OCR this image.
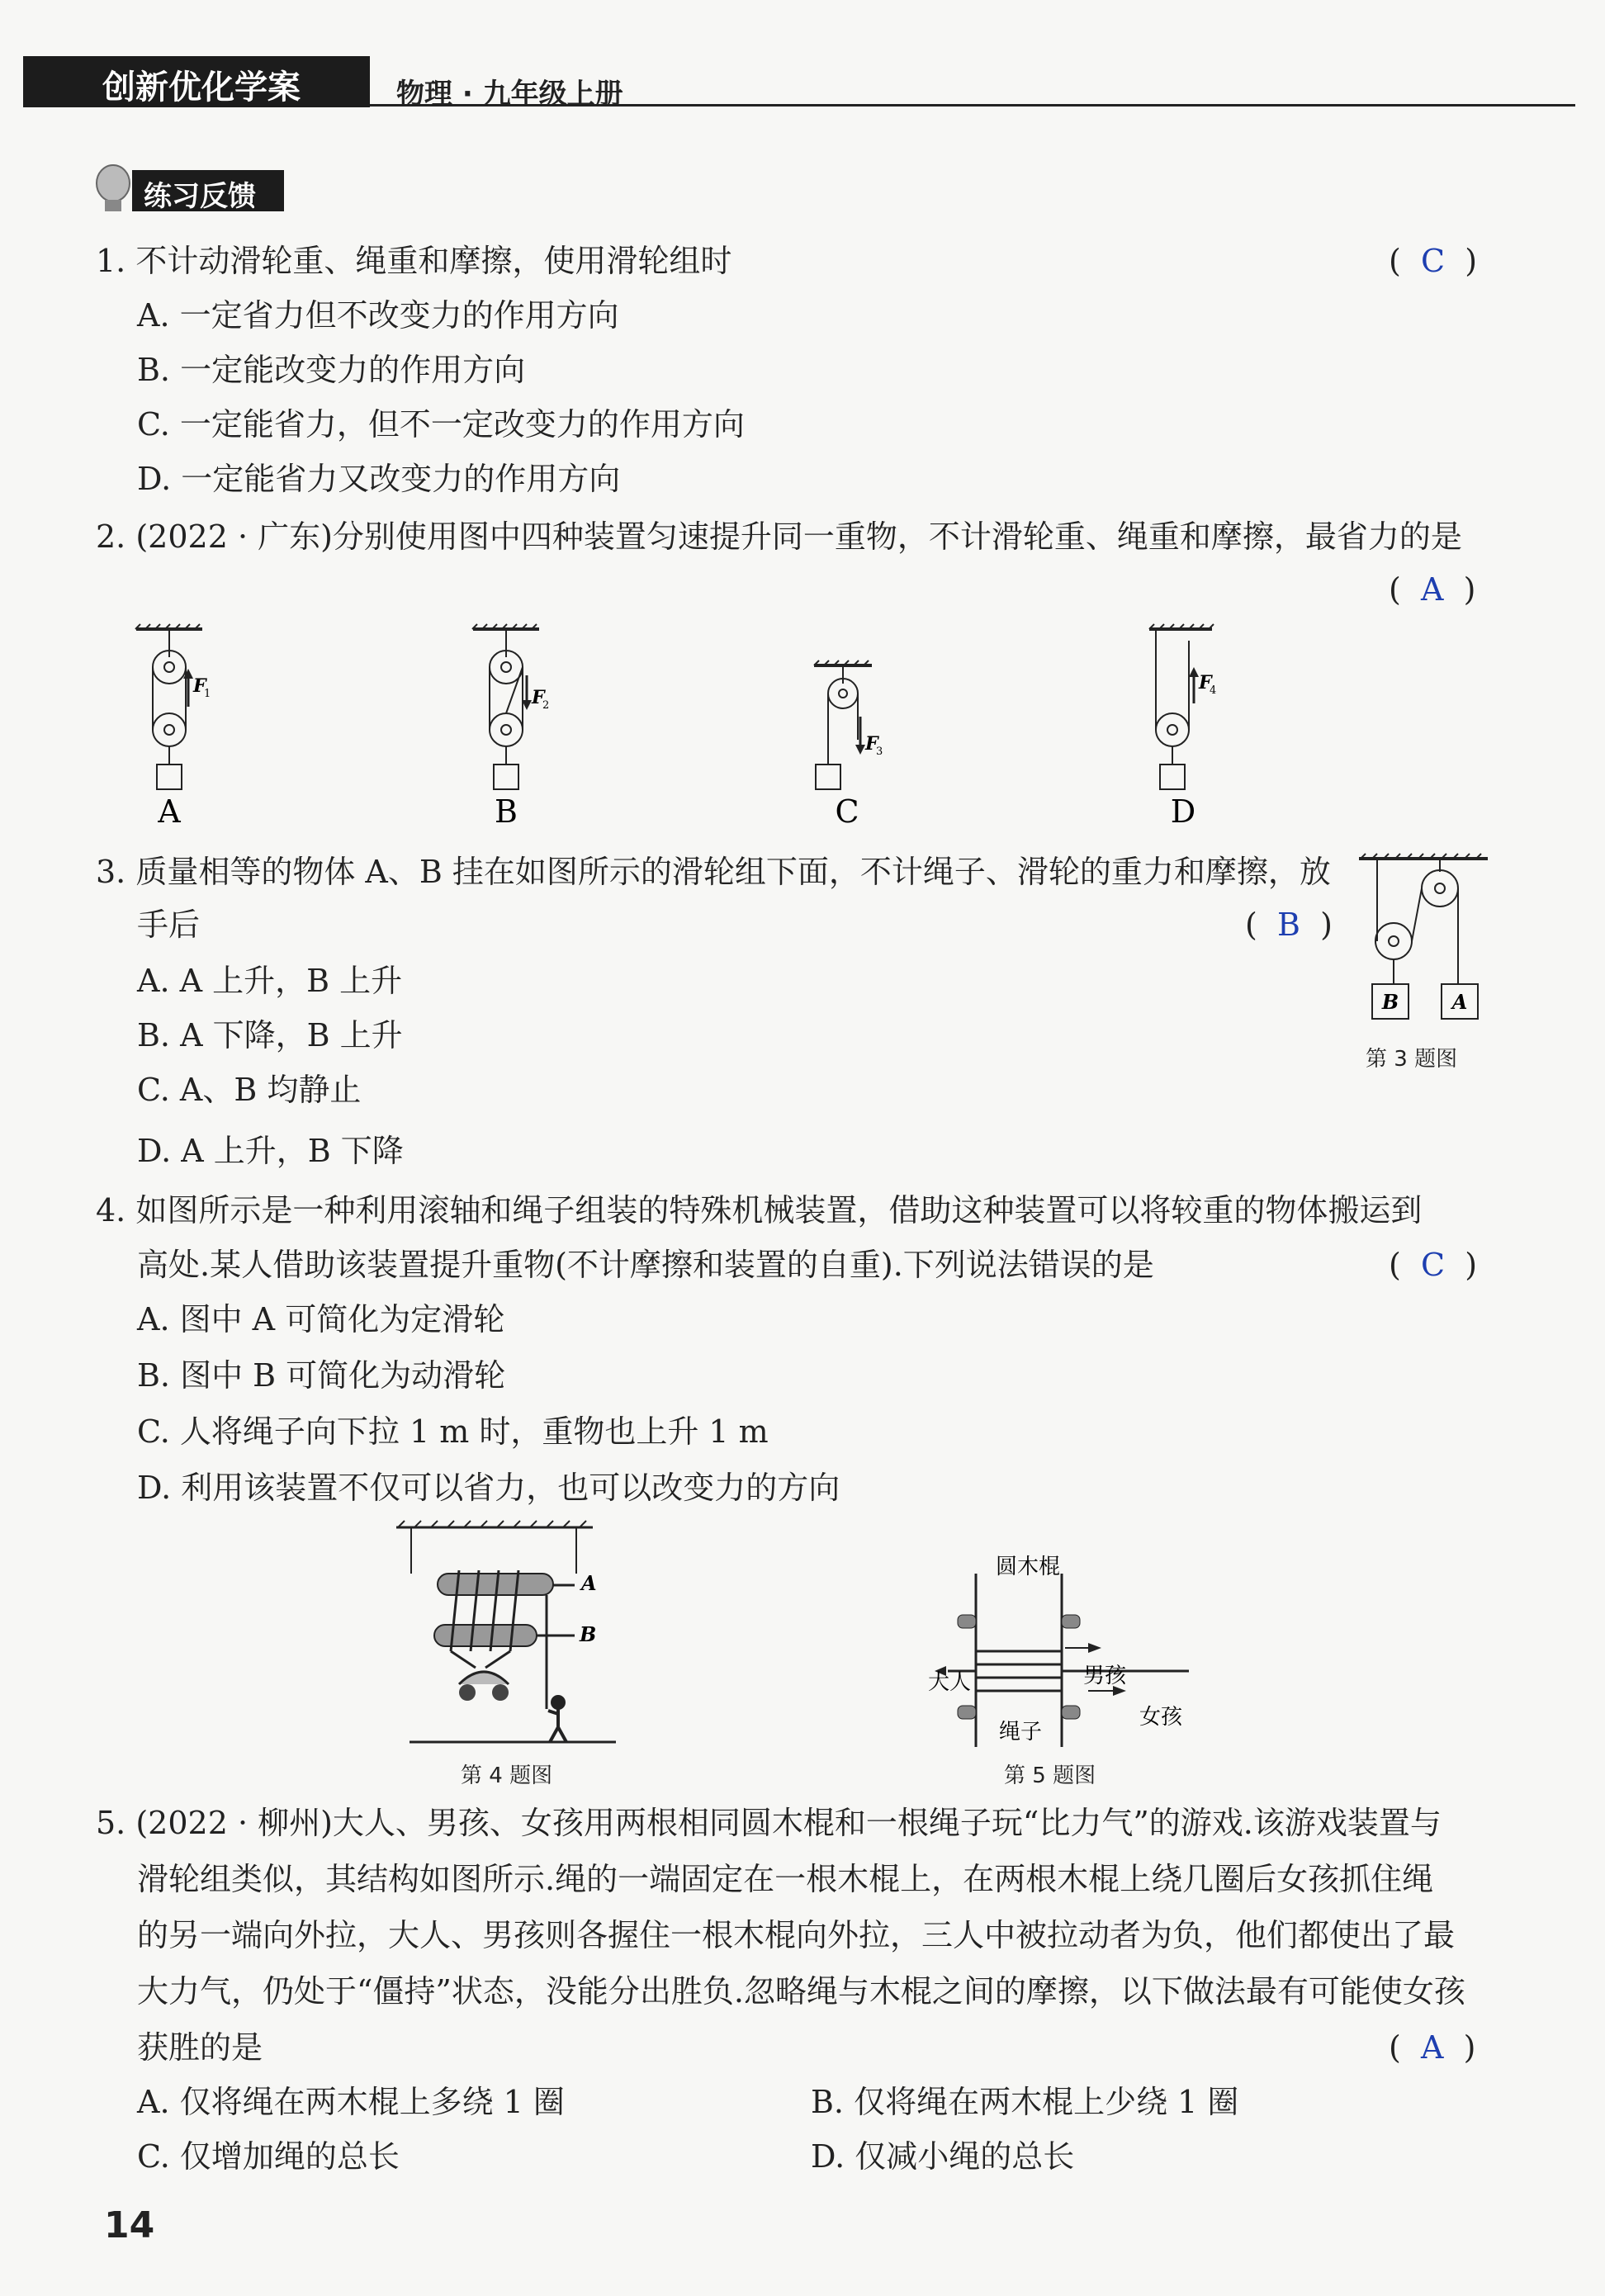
创新优化学案	物理 · 九年级上册
练习反馈
1. 不计动滑轮重、绳重和摩擦，使用滑轮组时	(  C  )
A. 一定省力但不改变力的作用方向
B. 一定能改变力的作用方向
C. 一定能省力，但不一定改变力的作用方向
D. 一定能省力又改变力的作用方向
2. (2022 · 广东)分别使用图中四种装置匀速提升同一重物，不计滑轮重、绳重和摩擦，最省力的是
(  A  )
F
1
A
F
2
B
F
3
C
F
4
D
3. 质量相等的物体 A、B 挂在如图所示的滑轮组下面，不计绳子、滑轮的重力和摩擦，放
手后	(  B  )
A. A 上升，B 上升
B. A 下降，B 上升
C. A、B 均静止
D. A 上升，B 下降
B	A
第 3 题图
4. 如图所示是一种利用滚轴和绳子组装的特殊机械装置，借助这种装置可以将较重的物体搬运到
高处.某人借助该装置提升重物(不计摩擦和装置的自重).下列说法错误的是	(  C  )
A. 图中 A 可简化为定滑轮
B. 图中 B 可简化为动滑轮
C. 人将绳子向下拉 1 m 时，重物也上升 1 m
D. 利用该装置不仅可以省力，也可以改变力的方向
A
B
第 4 题图
圆木棍
大人	男孩
女孩
绳子
第 5 题图
5. (2022 · 柳州)大人、男孩、女孩用两根相同圆木棍和一根绳子玩“比力气”的游戏.该游戏装置与
滑轮组类似，其结构如图所示.绳的一端固定在一根木棍上，在两根木棍上绕几圈后女孩抓住绳
的另一端向外拉，大人、男孩则各握住一根木棍向外拉，三人中被拉动者为负，他们都使出了最
大力气，仍处于“僵持”状态，没能分出胜负.忽略绳与木棍之间的摩擦，以下做法最有可能使女孩
获胜的是	(  A  )
A. 仅将绳在两木棍上多绕 1 圈	B. 仅将绳在两木棍上少绕 1 圈
C. 仅增加绳的总长	D. 仅减小绳的总长
14
